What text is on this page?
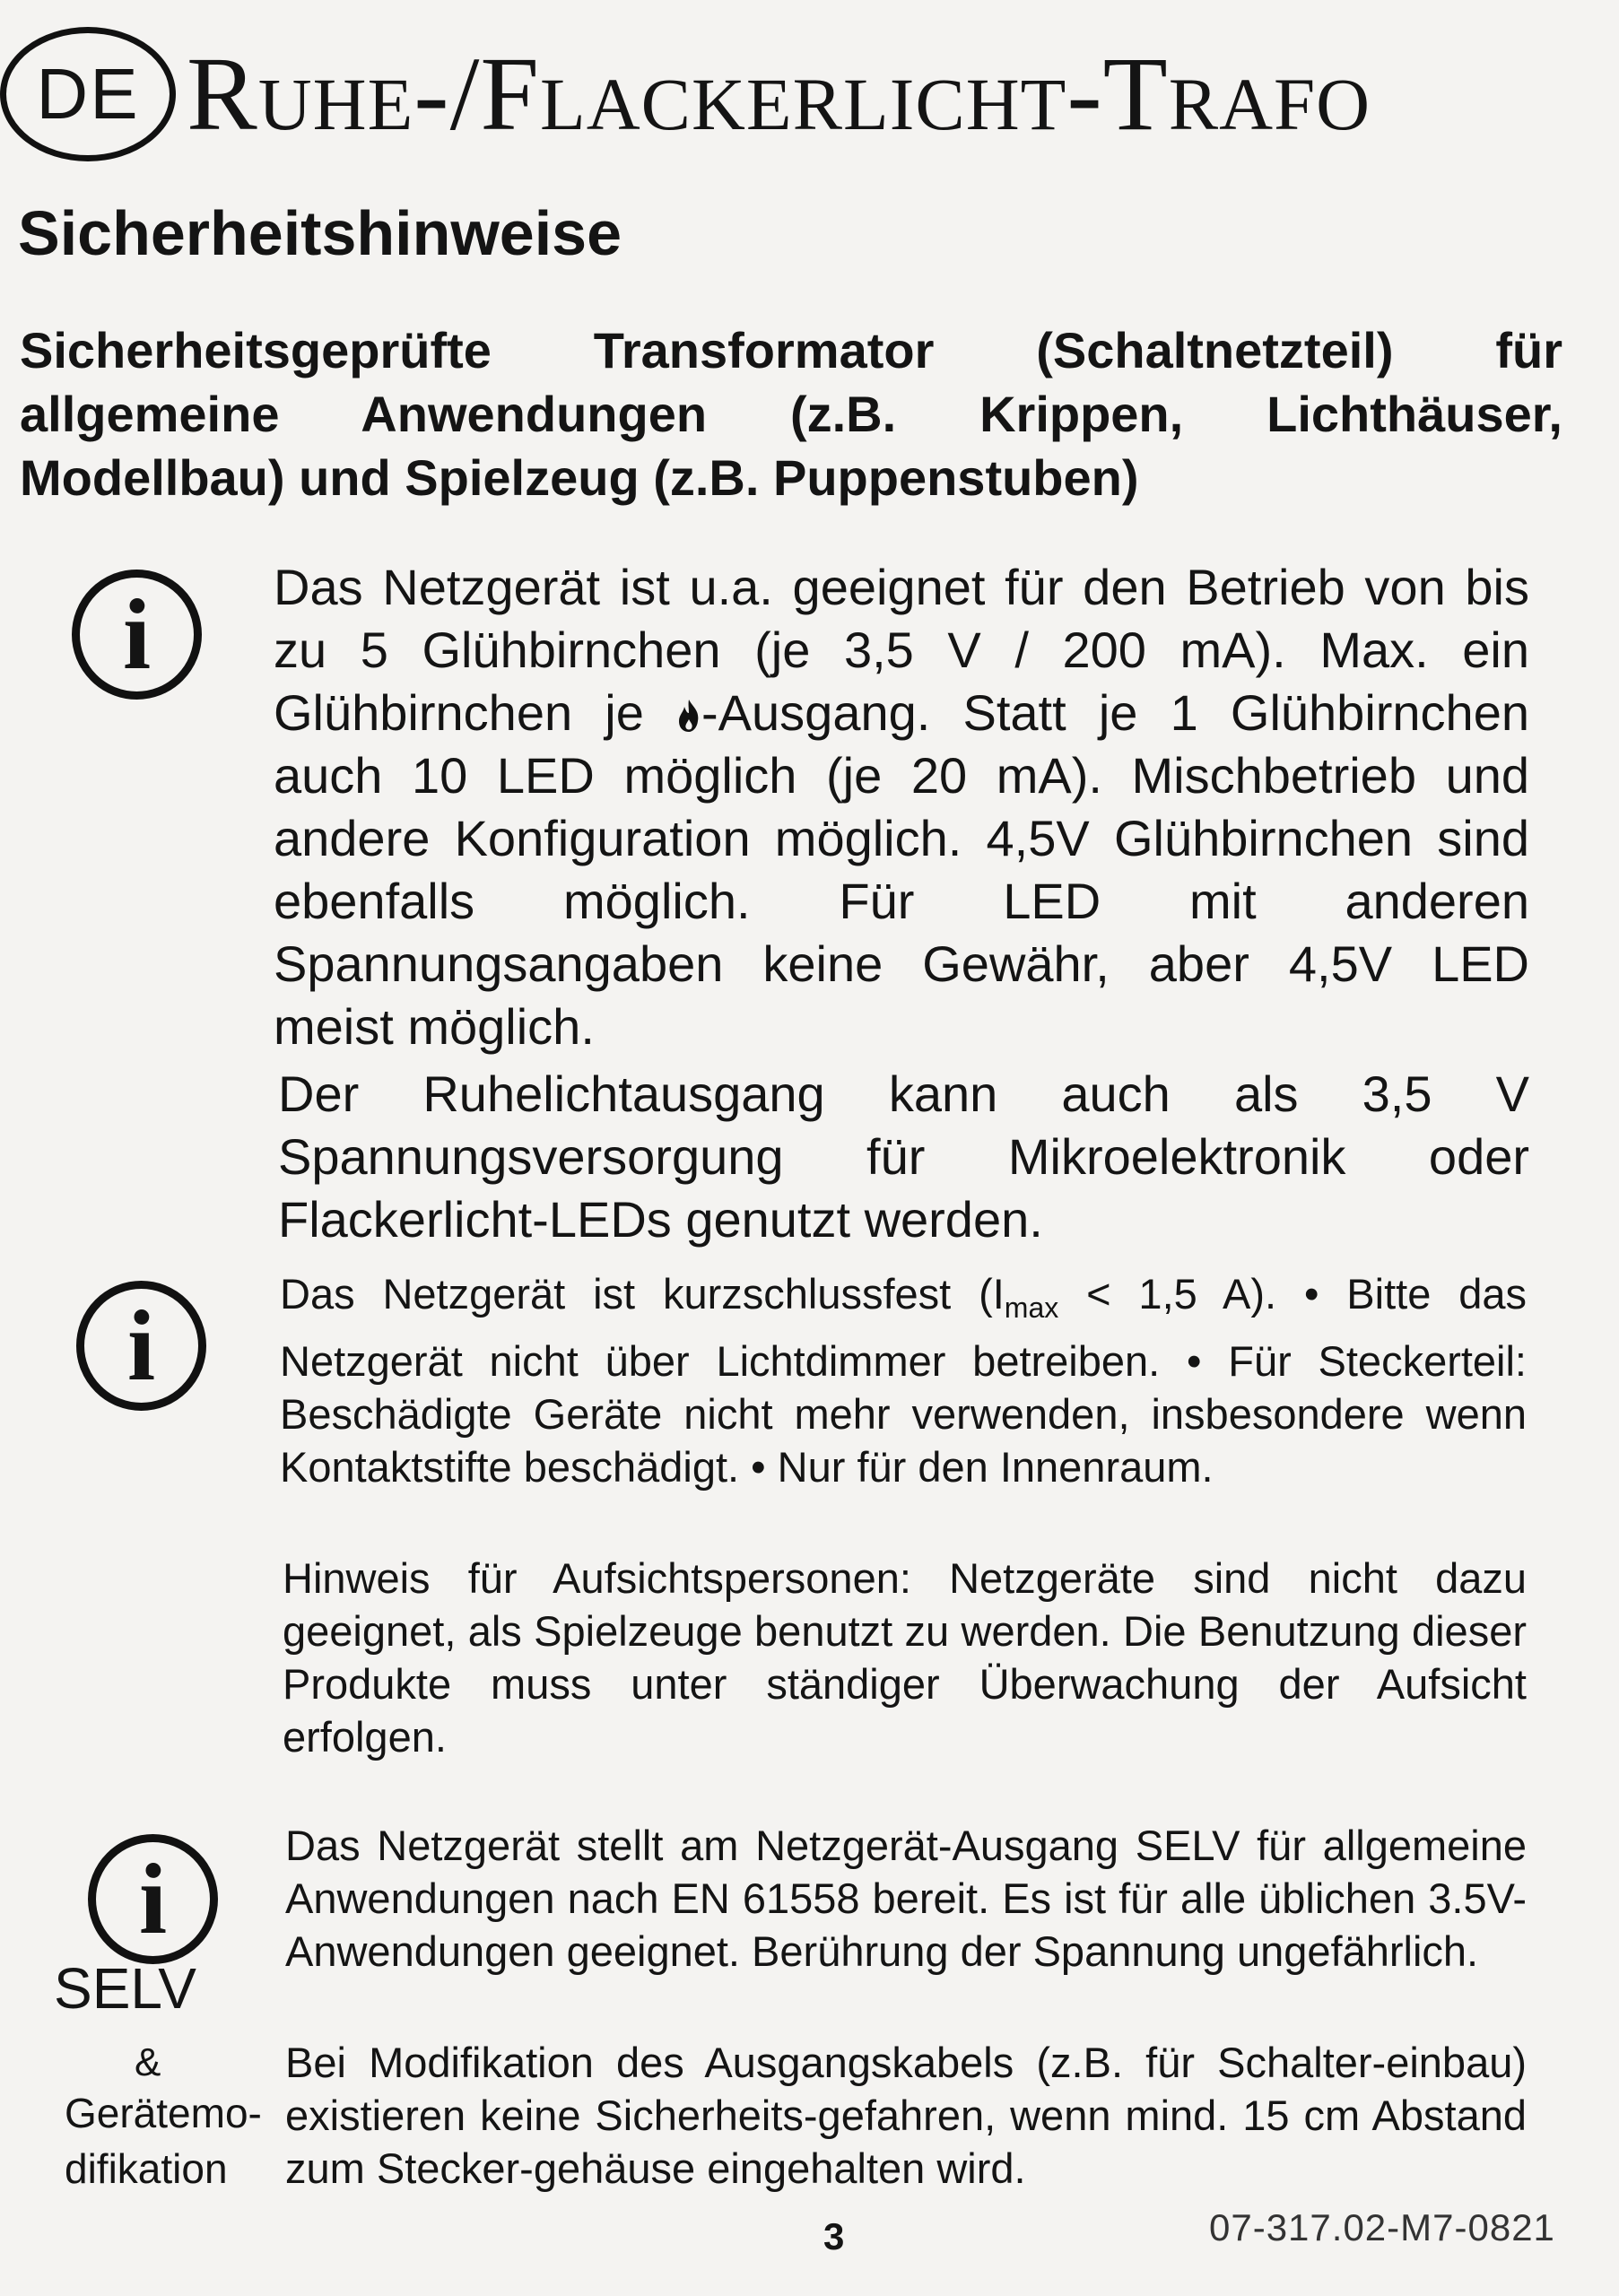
DE Ruhe-/Flackerlicht-Trafo
Sicherheitshinweise
Sicherheitsgeprüfte Transformator (Schaltnetzteil) für allgemeine Anwendungen (z.B. Krippen, Lichthäuser, Modellbau) und Spielzeug (z.B. Puppenstuben)
i	Das Netzgerät ist u.a. geeignet für den Betrieb von bis zu 5 Glühbirnchen (je 3,5 V / 200 mA). Max. ein Glühbirnchen je -Ausgang. Statt je 1 Glühbirnchen auch 10 LED möglich (je 20 mA). Mischbetrieb und andere Konfiguration möglich. 4,5V Glühbirnchen sind ebenfalls möglich. Für LED mit anderen Spannungsangaben keine Gewähr, aber 4,5V LED meist möglich.

Der Ruhelichtausgang kann auch als 3,5 V Spannungsversorgung für Mikroelektronik oder Flackerlicht-LEDs genutzt werden.

i	Das Netzgerät ist kurzschlussfest ($I_{max} < 1,5$ A). • Bitte das Netzgerät nicht über Lichtdimmer betreiben. • Für Steckerteil: Beschädigte Geräte nicht mehr verwenden, insbesondere wenn Kontaktstifte beschädigt. • Nur für den Innenraum.

Hinweis für Aufsichtspersonen: Netzgeräte sind nicht dazu geeignet, als Spielzeuge benutzt zu werden. Die Benutzung dieser Produkte muss unter ständiger Überwachung der Aufsicht erfolgen.

i
SELV
&
Gerätemo-difikation

Das Netzgerät stellt am Netzgerät-Ausgang SELV für allgemeine Anwendungen nach EN 61558 bereit. Es ist für alle üblichen 3.5V-Anwendungen geeignet. Berührung der Spannung ungefährlich.

Bei Modifikation des Ausgangskabels (z.B. für Schalter-einbau) existieren keine Sicherheits-gefahren, wenn mind. 15 cm Abstand zum Stecker-gehäuse eingehalten wird.

3	07-317.02-M7-0821
